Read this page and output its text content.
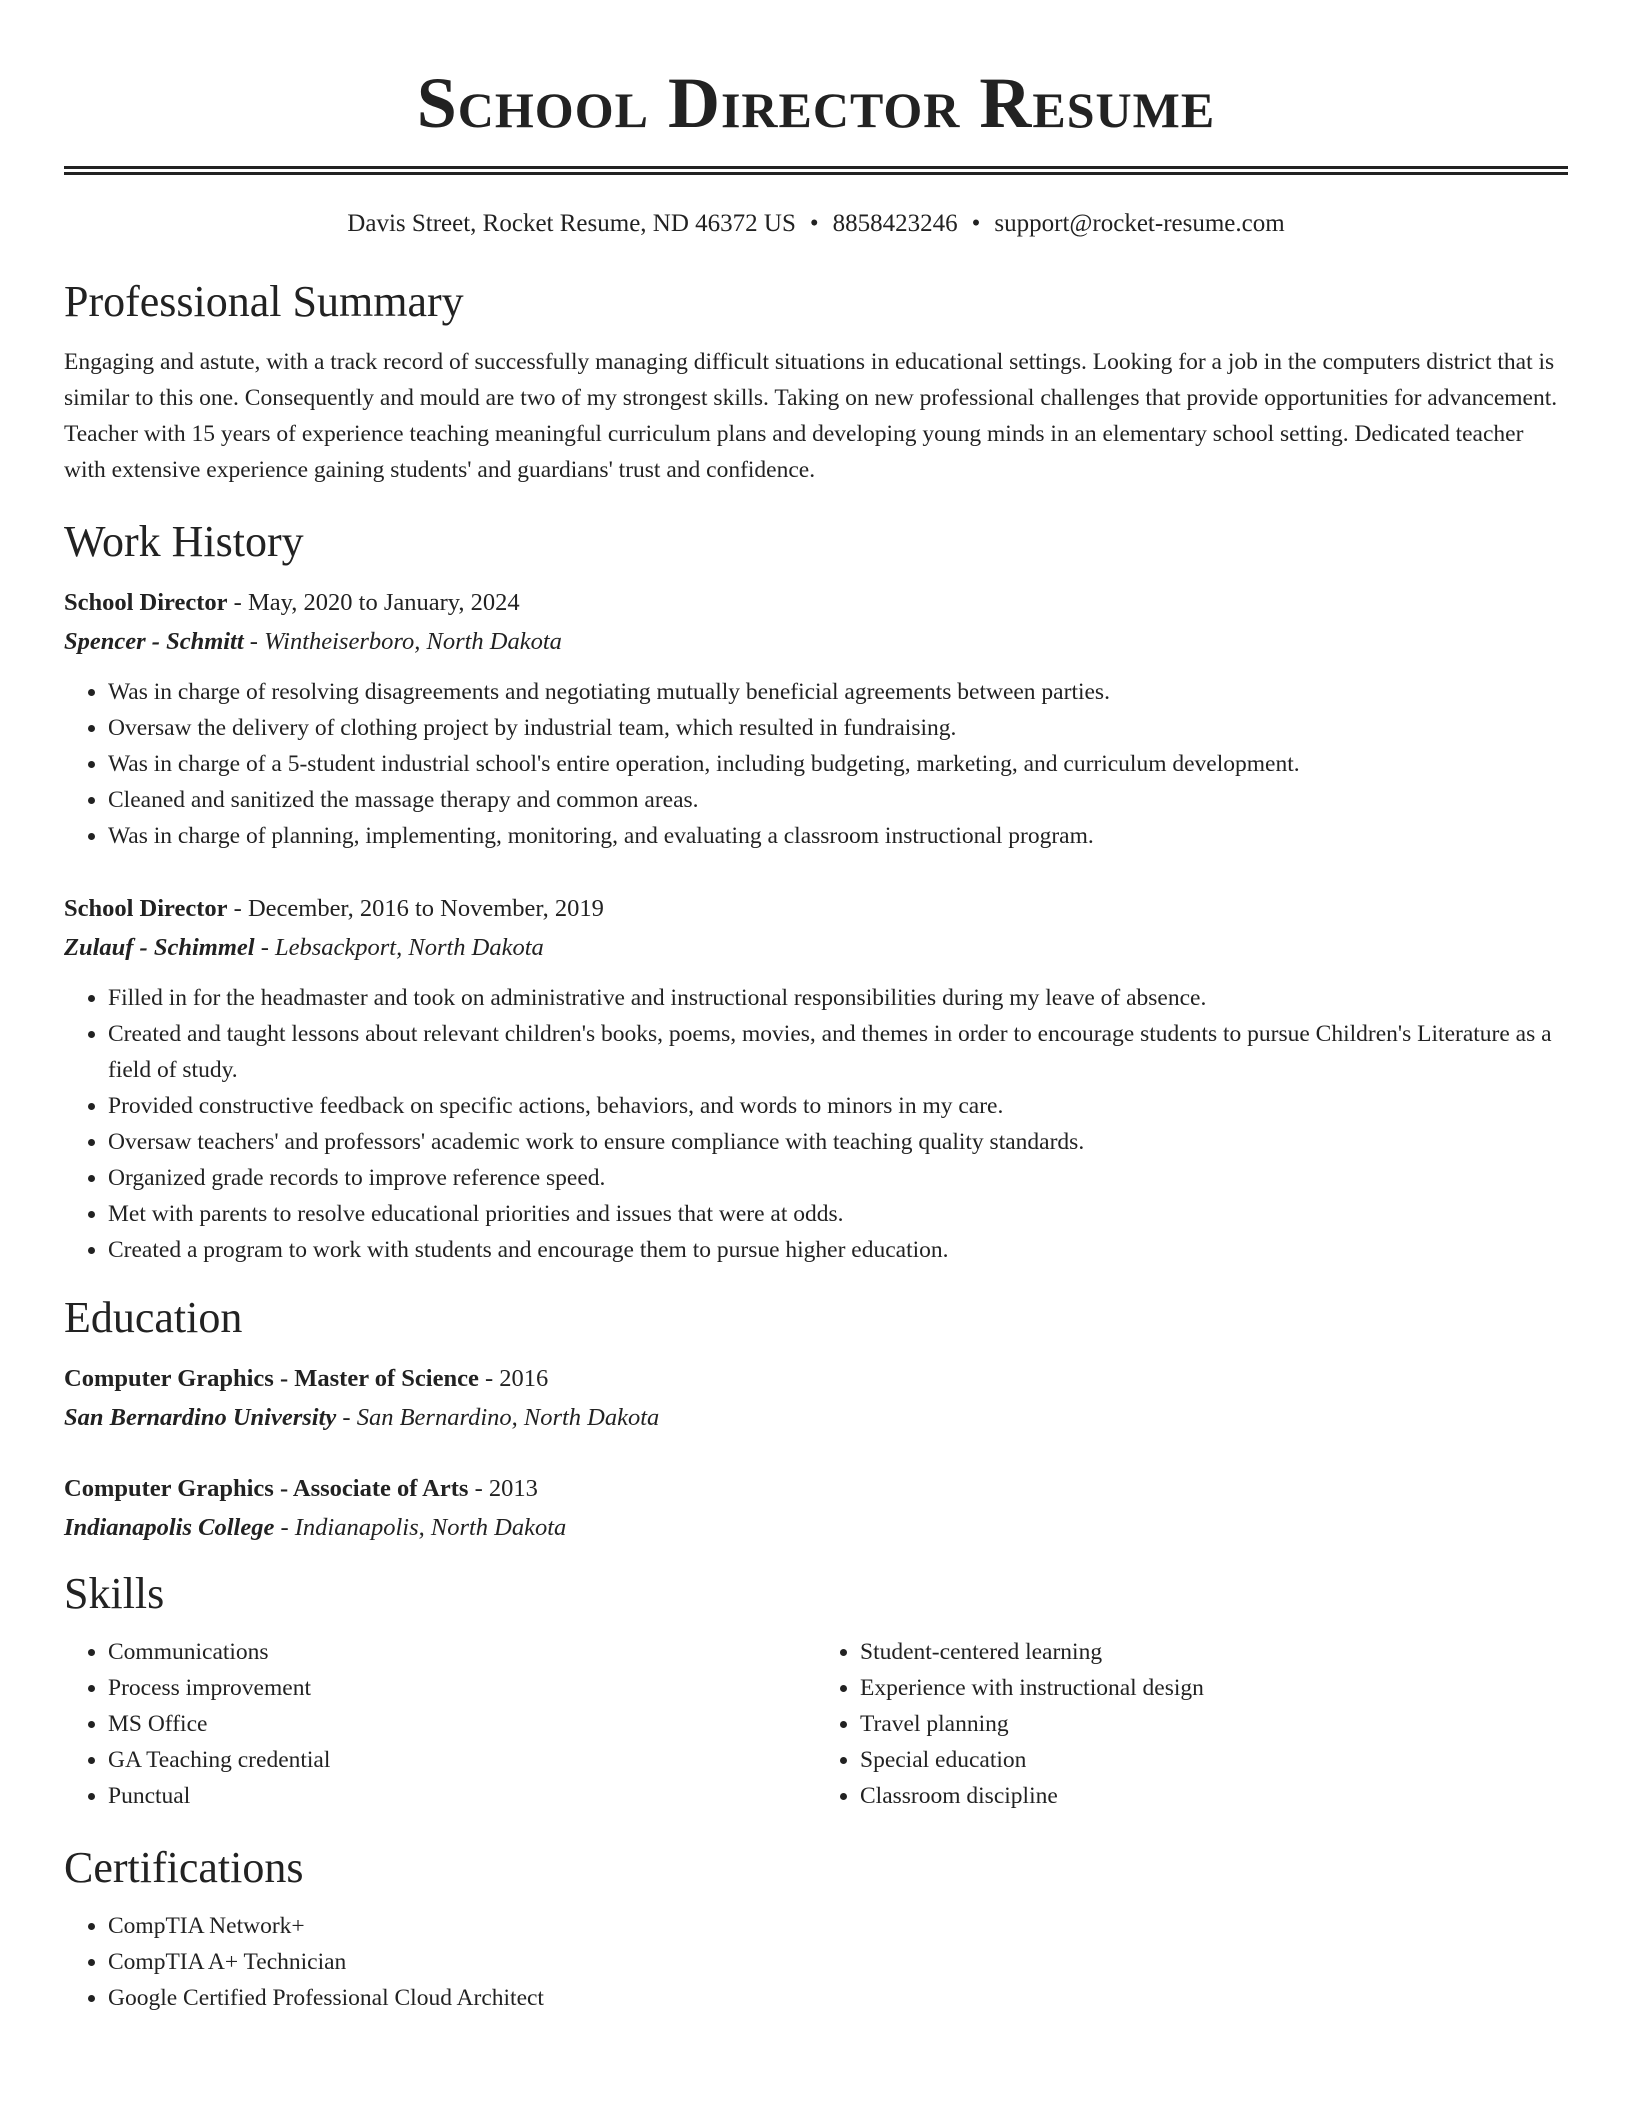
School Director Resume
Davis Street, Rocket Resume, ND 46372 US • 8858423246 • support@rocket-resume.com
Professional Summary

Engaging and astute, with a track record of successfully managing difficult situations in educational settings. Looking for a job in the computers district that is similar to this one. Consequently and mould are two of my strongest skills. Taking on new professional challenges that provide opportunities for advancement. Teacher with 15 years of experience teaching meaningful curriculum plans and developing young minds in an elementary school setting. Dedicated teacher with extensive experience gaining students' and guardians' trust and confidence.

Work History
School Director - May, 2020 to January, 2024
Spencer - Schmitt - Wintheiserboro, North Dakota
• Was in charge of resolving disagreements and negotiating mutually beneficial agreements between parties.
• Oversaw the delivery of clothing project by industrial team, which resulted in fundraising.
• Was in charge of a 5-student industrial school's entire operation, including budgeting, marketing, and curriculum development.
• Cleaned and sanitized the massage therapy and common areas.
• Was in charge of planning, implementing, monitoring, and evaluating a classroom instructional program.
School Director - December, 2016 to November, 2019
Zulauf - Schimmel - Lebsackport, North Dakota
• Filled in for the headmaster and took on administrative and instructional responsibilities during my leave of absence.
• Created and taught lessons about relevant children's books, poems, movies, and themes in order to encourage students to pursue Children's Literature as a field of study.
• Provided constructive feedback on specific actions, behaviors, and words to minors in my care.
• Oversaw teachers' and professors' academic work to ensure compliance with teaching quality standards.
• Organized grade records to improve reference speed.
• Met with parents to resolve educational priorities and issues that were at odds.
• Created a program to work with students and encourage them to pursue higher education.
Education
Computer Graphics - Master of Science - 2016
San Bernardino University - San Bernardino, North Dakota
Computer Graphics - Associate of Arts - 2013
Indianapolis College - Indianapolis, North Dakota
Skills
• Communications
• Process improvement
• MS Office
• GA Teaching credential
• Punctual
• Student-centered learning
• Experience with instructional design
• Travel planning
• Special education
• Classroom discipline
Certifications
• CompTIA Network+
• CompTIA A+ Technician
• Google Certified Professional Cloud Architect
